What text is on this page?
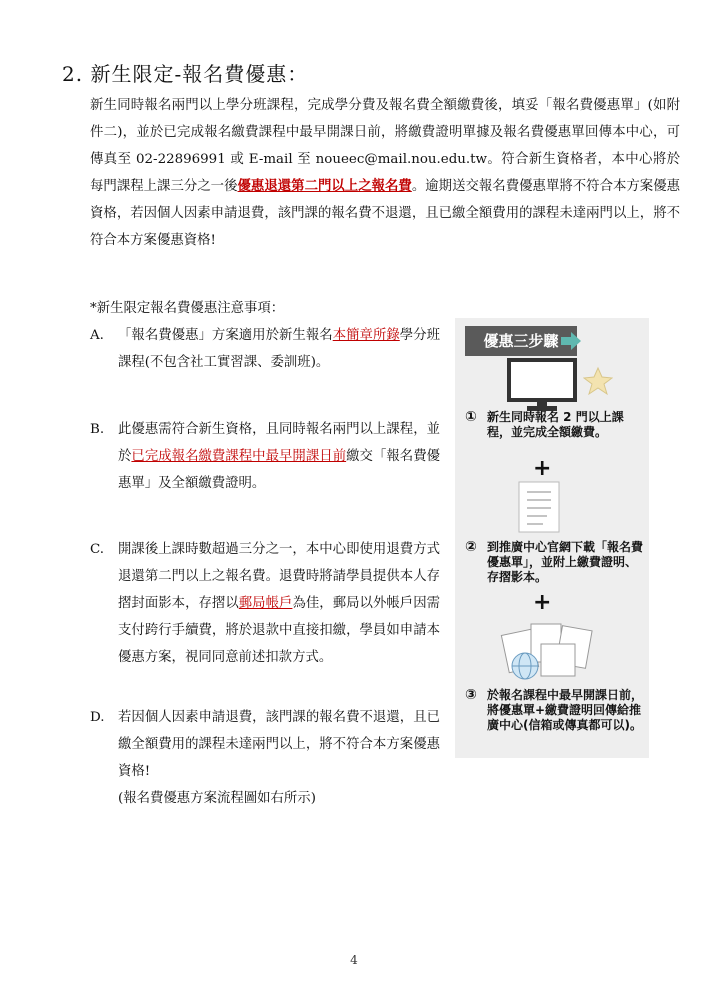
2. 新生限定-報名費優惠：
新生同時報名兩門以上學分班課程，完成學分費及報名費全額繳費後，填妥「報名費優惠單」(如附件二)，並於已完成報名繳費課程中最早開課日前，將繳費證明單據及報名費優惠單回傳本中心，可傳真至 02-22896991 或 E-mail 至 noueec@mail.nou.edu.tw。符合新生資格者，本中心將於每門課程上課三分之一後優惠退還第二門以上之報名費。逾期送交報名費優惠單將不符合本方案優惠資格，若因個人因素申請退費，該門課的報名費不退還，且已繳全額費用的課程未達兩門以上，將不符合本方案優惠資格!
*新生限定報名費優惠注意事項：
A.	「報名費優惠」方案適用於新生報名本簡章所錄學分班課程(不包含社工實習課、委訓班)。
B.	此優惠需符合新生資格，且同時報名兩門以上課程，並於已完成報名繳費課程中最早開課日前繳交「報名費優惠單」及全額繳費證明。
C.	開課後上課時數超過三分之一，本中心即使用退費方式退還第二門以上之報名費。退費時將請學員提供本人存摺封面影本，存摺以郵局帳戶為佳，郵局以外帳戶因需支付跨行手續費，將於退款中直接扣繳，學員如申請本優惠方案，視同同意前述扣款方式。
D.	若因個人因素申請退費，該門課的報名費不退還，且已繳全額費用的課程未達兩門以上，將不符合本方案優惠資格!
(報名費優惠方案流程圖如右所示)
優惠三步驟
① 新生同時報名 2 門以上課程，並完成全額繳費。
+
② 到推廣中心官網下載「報名費優惠單」，並附上繳費證明、存摺影本。
+
③ 於報名課程中最早開課日前，將優惠單+繳費證明回傳給推廣中心(信箱或傳真都可以)。
4
